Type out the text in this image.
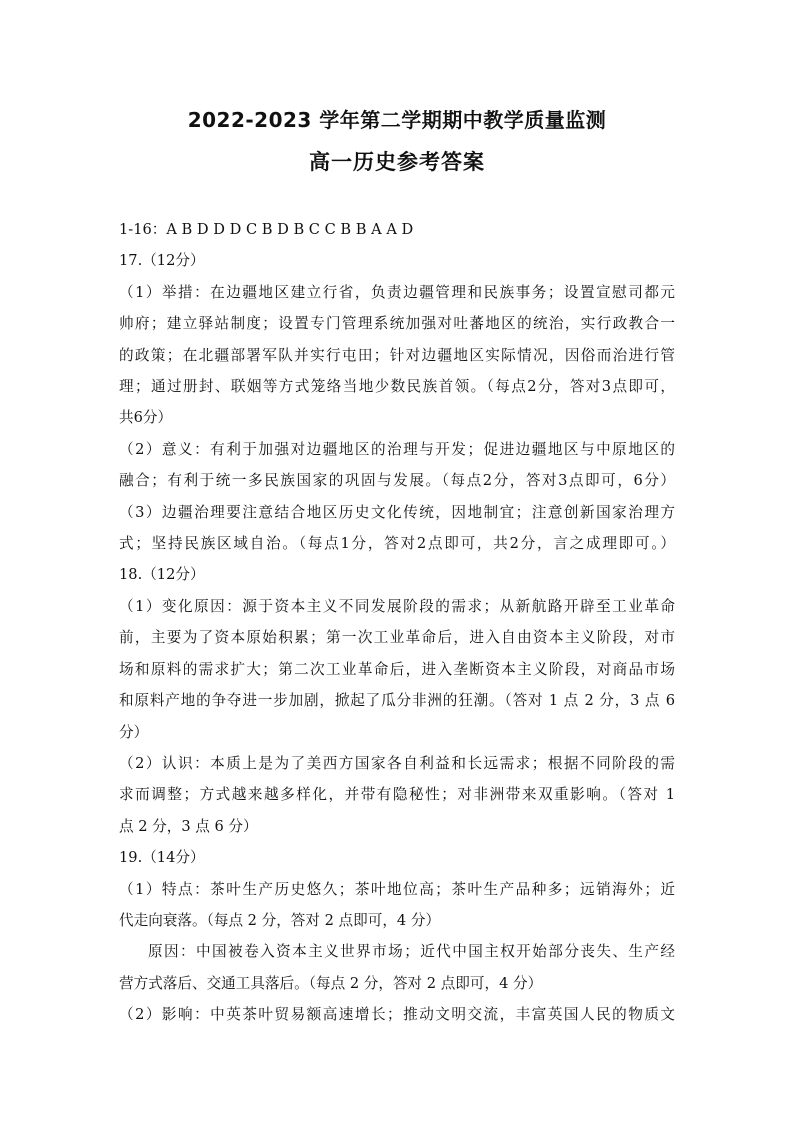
2022-2023 学年第二学期期中教学质量监测
高一历史参考答案
1-16：A B D D D C B D B C C B B A A D
17.（12分）
（1）举措：在边疆地区建立行省，负责边疆管理和民族事务；设置宣慰司都元
帅府；建立驿站制度；设置专门管理系统加强对吐蕃地区的统治，实行政教合一
的政策；在北疆部署军队并实行屯田；针对边疆地区实际情况，因俗而治进行管
理；通过册封、联姻等方式笼络当地少数民族首领。（每点2分，答对3点即可，
共6分）
（2）意义：有利于加强对边疆地区的治理与开发；促进边疆地区与中原地区的
融合；有利于统一多民族国家的巩固与发展。（每点2分，答对3点即可，6分）
（3）边疆治理要注意结合地区历史文化传统，因地制宜；注意创新国家治理方
式；坚持民族区域自治。（每点1分，答对2点即可，共2分，言之成理即可。）
18.（12分）
（1）变化原因：源于资本主义不同发展阶段的需求；从新航路开辟至工业革命
前，主要为了资本原始积累；第一次工业革命后，进入自由资本主义阶段，对市
场和原料的需求扩大；第二次工业革命后，进入垄断资本主义阶段，对商品市场
和原料产地的争夺进一步加剧，掀起了瓜分非洲的狂潮。（答对 1 点 2 分，3 点 6
分）
（2）认识：本质上是为了美西方国家各自利益和长远需求；根据不同阶段的需
求而调整；方式越来越多样化，并带有隐秘性；对非洲带来双重影响。（答对 1
点 2 分，3 点 6 分）
19.（14分）
（1）特点：茶叶生产历史悠久；茶叶地位高；茶叶生产品种多；远销海外；近
代走向衰落。（每点 2 分，答对 2 点即可，4 分）
原因：中国被卷入资本主义世界市场；近代中国主权开始部分丧失、生产经
营方式落后、交通工具落后。（每点 2 分，答对 2 点即可，4 分）
（2）影响：中英茶叶贸易额高速增长；推动文明交流，丰富英国人民的物质文
